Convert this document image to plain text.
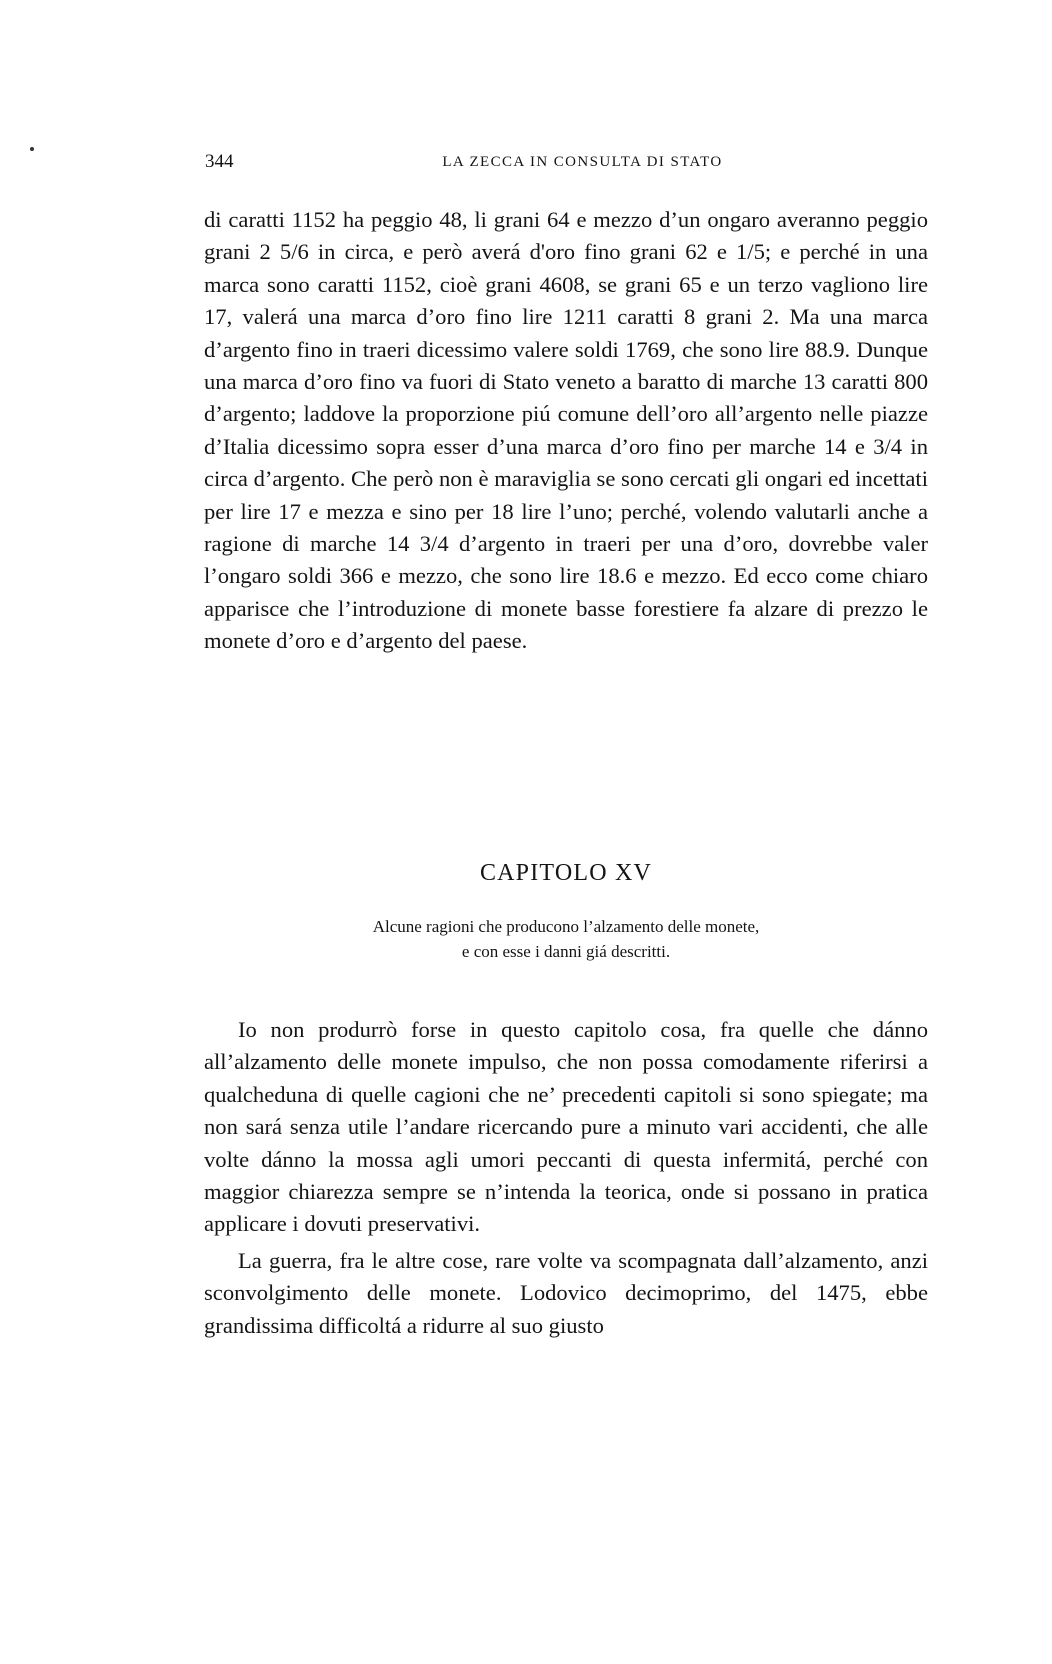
344	LA ZECCA IN CONSULTA DI STATO

di caratti 1152 ha peggio 48, li grani 64 e mezzo d’un ongaro averanno peggio grani 2 5/6 in circa, e però averá d'oro fino grani 62 e 1/5; e perché in una marca sono caratti 1152, cioè grani 4608, se grani 65 e un terzo vagliono lire 17, valerá una marca d’oro fino lire 1211 caratti 8 grani 2. Ma una marca d’argento fino in traeri dicessimo valere soldi 1769, che sono lire 88.9. Dunque una marca d’oro fino va fuori di Stato veneto a baratto di marche 13 caratti 800 d’argento; laddove la proporzione piú comune dell’oro all’argento nelle piazze d’Italia dicessimo sopra esser d’una marca d’oro fino per marche 14 e 3/4 in circa d’argento. Che però non è maraviglia se sono cercati gli ongari ed incettati per lire 17 e mezza e sino per 18 lire l’uno; perché, volendo valutarli anche a ragione di marche 14 3/4 d’argento in traeri per una d’oro, dovrebbe valer l’ongaro soldi 366 e mezzo, che sono lire 18.6 e mezzo. Ed ecco come chiaro apparisce che l’introduzione di monete basse forestiere fa alzare di prezzo le monete d’oro e d’argento del paese.

CAPITOLO XV
Alcune ragioni che producono l’alzamento delle monete,
e con esse i danni giá descritti.

Io non produrrò forse in questo capitolo cosa, fra quelle che dánno all’alzamento delle monete impulso, che non possa comodamente riferirsi a qualcheduna di quelle cagioni che ne’ precedenti capitoli si sono spiegate; ma non sará senza utile l’andare ricercando pure a minuto vari accidenti, che alle volte dánno la mossa agli umori peccanti di questa infermitá, perché con maggior chiarezza sempre se n’intenda la teorica, onde si possano in pratica applicare i dovuti preservativi.

La guerra, fra le altre cose, rare volte va scompagnata dall’alzamento, anzi sconvolgimento delle monete. Lodovico decimoprimo, del 1475, ebbe grandissima difficoltá a ridurre al suo giusto
